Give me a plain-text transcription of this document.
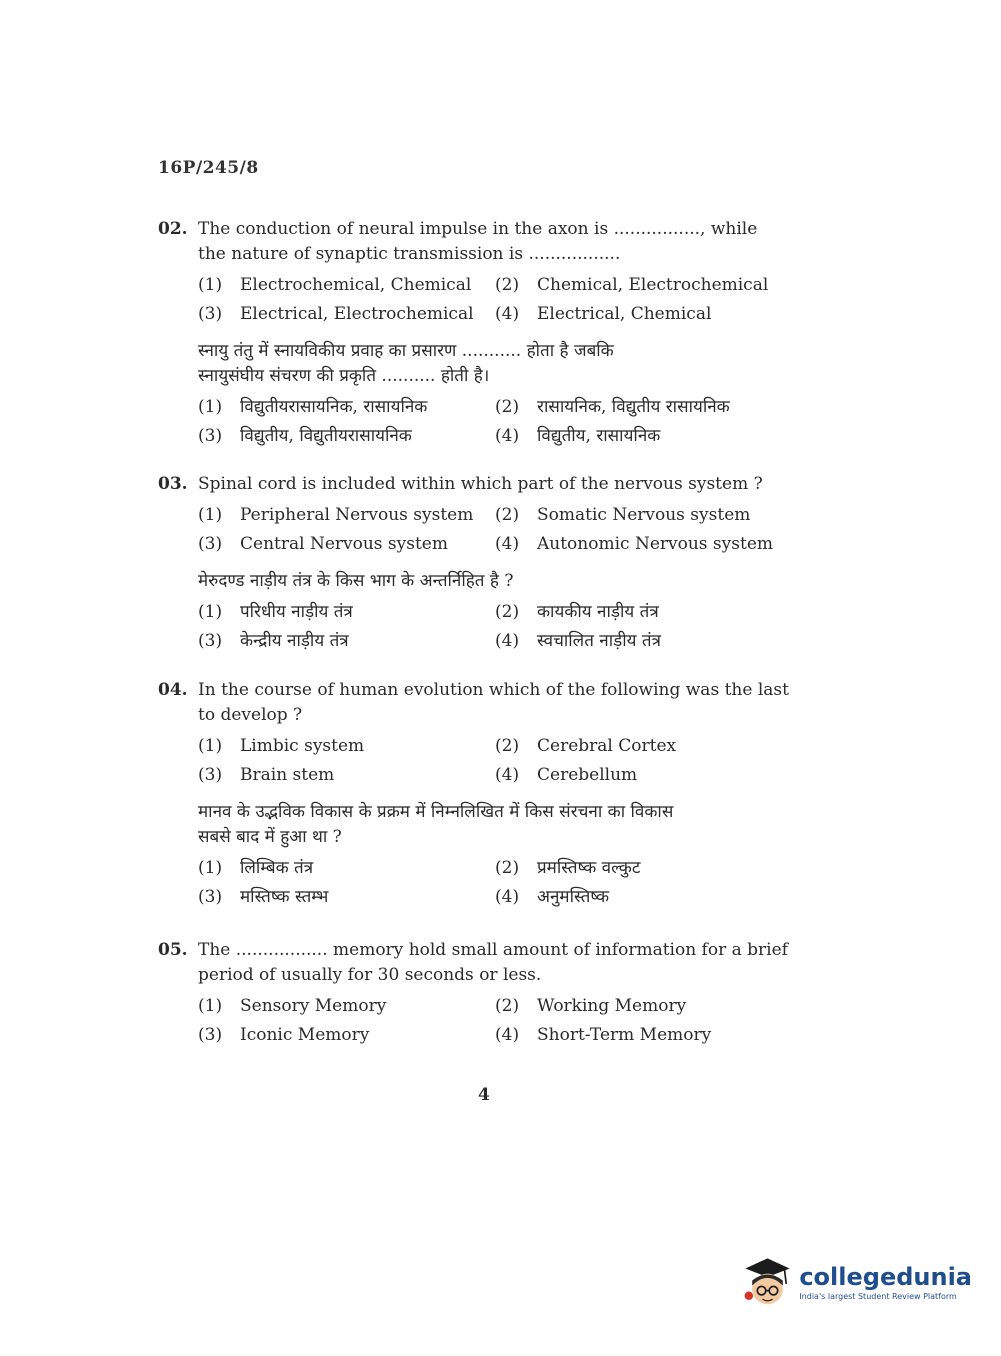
16P/245/8
02. The conduction of neural impulse in the axon is ................, while
the nature of synaptic transmission is .................
(1)	Electrochemical, Chemical (2)	Chemical, Electrochemical
(3)	Electrical, Electrochemical (4)	Electrical, Chemical
स्नायु तंतु में स्नायविकीय प्रवाह का प्रसारण ........... होता है जबकि
स्नायुसंघीय संचरण की प्रकृति .......... होती है।
(1)	विद्युतीयरासायनिक, रासायनिक	(2)	रासायनिक, विद्युतीय रासायनिक
(3)	विद्युतीय, विद्युतीयरासायनिक	(4)	विद्युतीय, रासायनिक
03. Spinal cord is included within which part of the nervous system ?
(1)	Peripheral Nervous system (2)	Somatic Nervous system
(3)	Central Nervous system	(4)	Autonomic Nervous system
मेरुदण्ड नाड़ीय तंत्र के किस भाग के अन्तर्निहित है ?
(1)	परिधीय नाड़ीय तंत्र	(2)	कायकीय नाड़ीय तंत्र
(3)	केन्द्रीय नाड़ीय तंत्र	(4)	स्वचालित नाड़ीय तंत्र
04. In the course of human evolution which of the following was the last
to develop ?
(1)	Limbic system	(2)	Cerebral Cortex
(3)	Brain stem	(4)	Cerebellum
मानव के उद्भविक विकास के प्रक्रम में निम्नलिखित में किस संरचना का विकास
सबसे बाद में हुआ था ?
(1)	लिम्बिक तंत्र	(2)	प्रमस्तिष्क वल्कुट
(3)	मस्तिष्क स्तम्भ	(4)	अनुमस्तिष्क
05. The ................. memory hold small amount of information for a brief
period of usually for 30 seconds or less.
(1)	Sensory Memory	(2)	Working Memory
(3)	Iconic Memory	(4)	Short-Term Memory
4
collegedunia
India's largest Student Review Platform
